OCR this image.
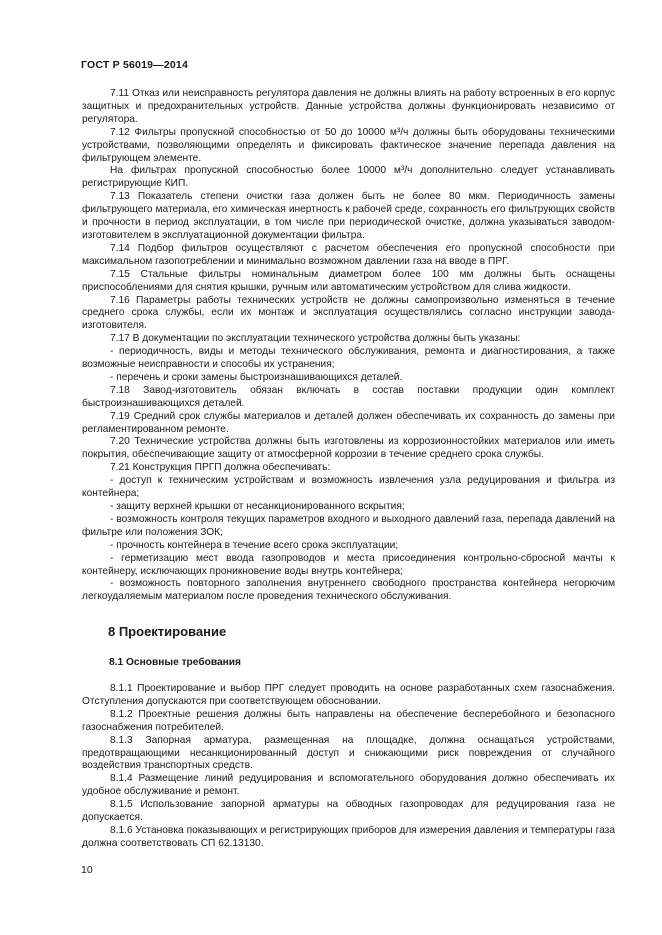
ГОСТ Р 56019—2014

7.11 Отказ или неисправность регулятора давления не должны влиять на работу встроенных в его корпус защитных и предохранительных устройств. Данные устройства должны функционировать независимо от регулятора.

7.12 Фильтры пропускной способностью от 50 до 10000 м³/ч должны быть оборудованы техническими устройствами, позволяющими определять и фиксировать фактическое значение перепада давления на фильтрующем элементе.

На фильтрах пропускной способностью более 10000 м³/ч дополнительно следует устанавливать регистрирующие КИП.

7.13 Показатель степени очистки газа должен быть не более 80 мкм. Периодичность замены фильтрующего материала, его химическая инертность к рабочей среде, сохранность его фильтрующих свойств и прочности в период эксплуатации, в том числе при периодической очистке, должна указываться заводом-изготовителем в эксплуатационной документации фильтра.

7.14 Подбор фильтров осуществляют с расчетом обеспечения его пропускной способности при максимальном газопотреблении и минимально возможном давлении газа на вводе в ПРГ.

7.15 Стальные фильтры номинальным диаметром более 100 мм должны быть оснащены приспособлениями для снятия крышки, ручным или автоматическим устройством для слива жидкости.

7.16 Параметры работы технических устройств не должны самопроизвольно изменяться в течение среднего срока службы, если их монтаж и эксплуатация осуществлялись согласно инструкции завода-изготовителя.

7.17 В документации по эксплуатации технического устройства должны быть указаны:

- периодичность, виды и методы технического обслуживания, ремонта и диагностирования, а также возможные неисправности и способы их устранения;

- перечень и сроки замены быстроизнашивающихся деталей.

7.18 Завод-изготовитель обязан включать в состав поставки продукции один комплект быстроизнашивающихся деталей.

7.19 Средний срок службы материалов и деталей должен обеспечивать их сохранность до замены при регламентированном ремонте.

7.20 Технические устройства должны быть изготовлены из коррозионностойких материалов или иметь покрытия, обеспечивающие защиту от атмосферной коррозии в течение среднего срока службы.

7.21 Конструкция ПРГП должна обеспечивать:

- доступ к техническим устройствам и возможность извлечения узла редуцирования и фильтра из контейнера;

- защиту верхней крышки от несанкционированного вскрытия;

- возможность контроля текущих параметров входного и выходного давлений газа, перепада давлений на фильтре или положения ЗОК;

- прочность контейнера в течение всего срока эксплуатации;

- герметизацию мест ввода газопроводов и места присоединения контрольно-сбросной мачты к контейнеру, исключающих проникновение воды внутрь контейнера;

- возможность повторного заполнения внутреннего свободного пространства контейнера негорючим легкоудаляемым материалом после проведения технического обслуживания.

8 Проектирование
8.1 Основные требования

8.1.1 Проектирование и выбор ПРГ следует проводить на основе разработанных схем газоснабжения. Отступления допускаются при соответствующем обосновании.

8.1.2 Проектные решения должны быть направлены на обеспечение бесперебойного и безопасного газоснабжения потребителей.

8.1.3 Запорная арматура, размещенная на площадке, должна оснащаться устройствами, предотвращающими несанкционированный доступ и снижающими риск повреждения от случайного воздействия транспортных средств.

8.1.4 Размещение линий редуцирования и вспомогательного оборудования должно обеспечивать их удобное обслуживание и ремонт.

8.1.5 Использование запорной арматуры на обводных газопроводах для редуцирования газа не допускается.

8.1.6 Установка показывающих и регистрирующих приборов для измерения давления и температуры газа должна соответствовать СП 62.13130.

10
